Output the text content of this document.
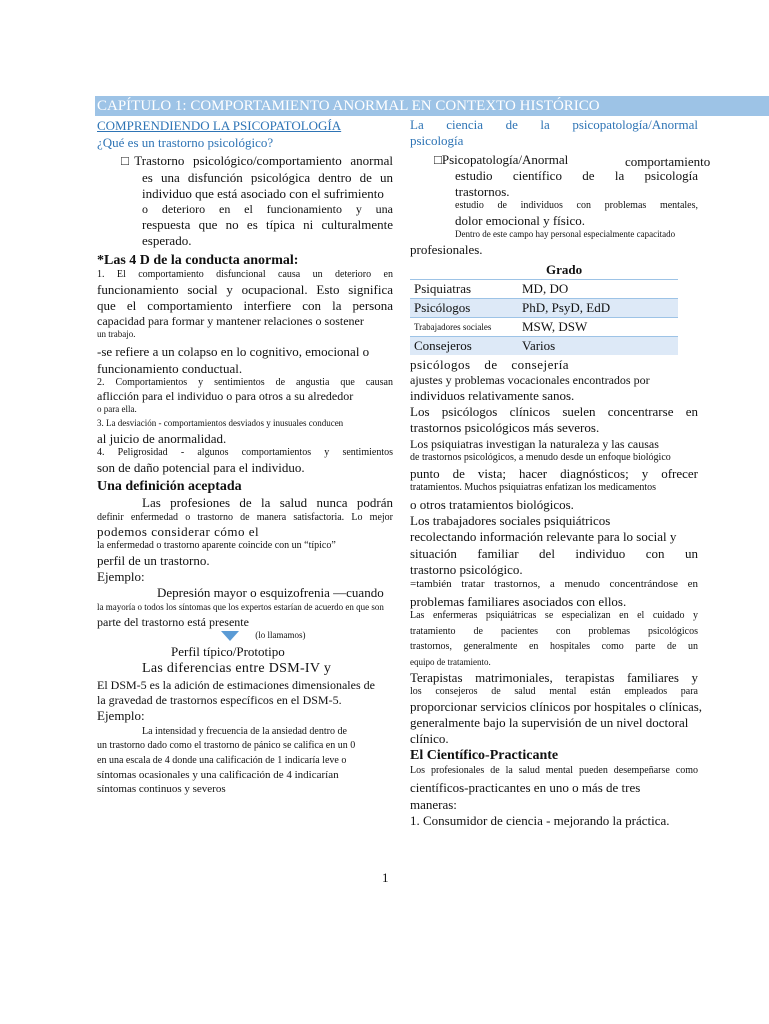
CAPÍTULO 1: COMPORTAMIENTO ANORMAL EN CONTEXTO HISTÓRICO
COMPRENDIENDO LA PSICOPATOLOGÍA
¿Qué es un trastorno psicológico?
□Trastorno psicológico/comportamiento anormal
es una disfunción psicológica dentro de un
individuo que está asociado con el sufrimiento
o deterioro en el funcionamiento y una
respuesta que no es típica ni culturalmente
esperado.
*Las 4 D de la conducta anormal:
1. El comportamiento disfuncional causa un deterioro en
funcionamiento social y ocupacional. Esto significa
que el comportamiento interfiere con la persona
capacidad para formar y mantener relaciones o sostener
un trabajo.
-se refiere a un colapso en lo cognitivo, emocional o
funcionamiento conductual.
2. Comportamientos y sentimientos de angustia que causan
aflicción para el individuo o para otros a su alrededor
o para ella.
3. La desviación - comportamientos desviados y inusuales conducen
al juicio de anormalidad.
4. Peligrosidad - algunos comportamientos y sentimientos
son de daño potencial para el individuo.
Una definición aceptada
Las profesiones de la salud nunca podrán
definir enfermedad o trastorno de manera satisfactoria. Lo mejor
podemos considerar cómo el
la enfermedad o trastorno aparente coincide con un “típico”
perfil de un trastorno.
Ejemplo:
Depresión mayor o esquizofrenia —cuando
la mayoría o todos los síntomas que los expertos estarían de acuerdo en que son
parte del trastorno está presente
(lo llamamos)
Perfil típico/Prototipo
Las diferencias entre DSM-IV y
El DSM-5 es la adición de estimaciones dimensionales de
la gravedad de trastornos específicos en el DSM-5.
Ejemplo:
La intensidad y frecuencia de la ansiedad dentro de
un trastorno dado como el trastorno de pánico se califica en un 0
en una escala de 4 donde una calificación de 1 indicaría leve o
síntomas ocasionales y una calificación de 4 indicarían
síntomas continuos y severos
La ciencia de la psicopatología/Anormal
psicología
□Psicopatología/Anormal	comportamiento
estudio científico de la psicología
trastornos.
estudio de individuos con problemas mentales,
dolor emocional y físico.
Dentro de este campo hay personal especialmente capacitado
profesionales.
	Grado
Psiquiatras	MD, DO
Psicólogos	PhD, PsyD, EdD
Trabajadores sociales	MSW, DSW
Consejeros	Varios
psicólogos de consejería
ajustes y problemas vocacionales encontrados por
individuos relativamente sanos.
Los psicólogos clínicos suelen concentrarse en
trastornos psicológicos más severos.
Los psiquiatras investigan la naturaleza y las causas
de trastornos psicológicos, a menudo desde un enfoque biológico
punto de vista; hacer diagnósticos; y ofrecer
tratamientos. Muchos psiquiatras enfatizan los medicamentos
o otros tratamientos biológicos.
Los trabajadores sociales psiquiátricos
recolectando información relevante para lo social y
situación familiar del individuo con un
trastorno psicológico.
=también tratar trastornos, a menudo concentrándose en
problemas familiares asociados con ellos.
Las enfermeras psiquiátricas se especializan en el cuidado y
tratamiento de pacientes con problemas psicológicos
trastornos, generalmente en hospitales como parte de un
equipo de tratamiento.
Terapistas matrimoniales, terapistas familiares y
los consejeros de salud mental están empleados para
proporcionar servicios clínicos por hospitales o clínicas,
generalmente bajo la supervisión de un nivel doctoral
clínico.
El Científico-Practicante
Los profesionales de la salud mental pueden desempeñarse como
científicos-practicantes en uno o más de tres
maneras:
1. Consumidor de ciencia - mejorando la práctica.
1
